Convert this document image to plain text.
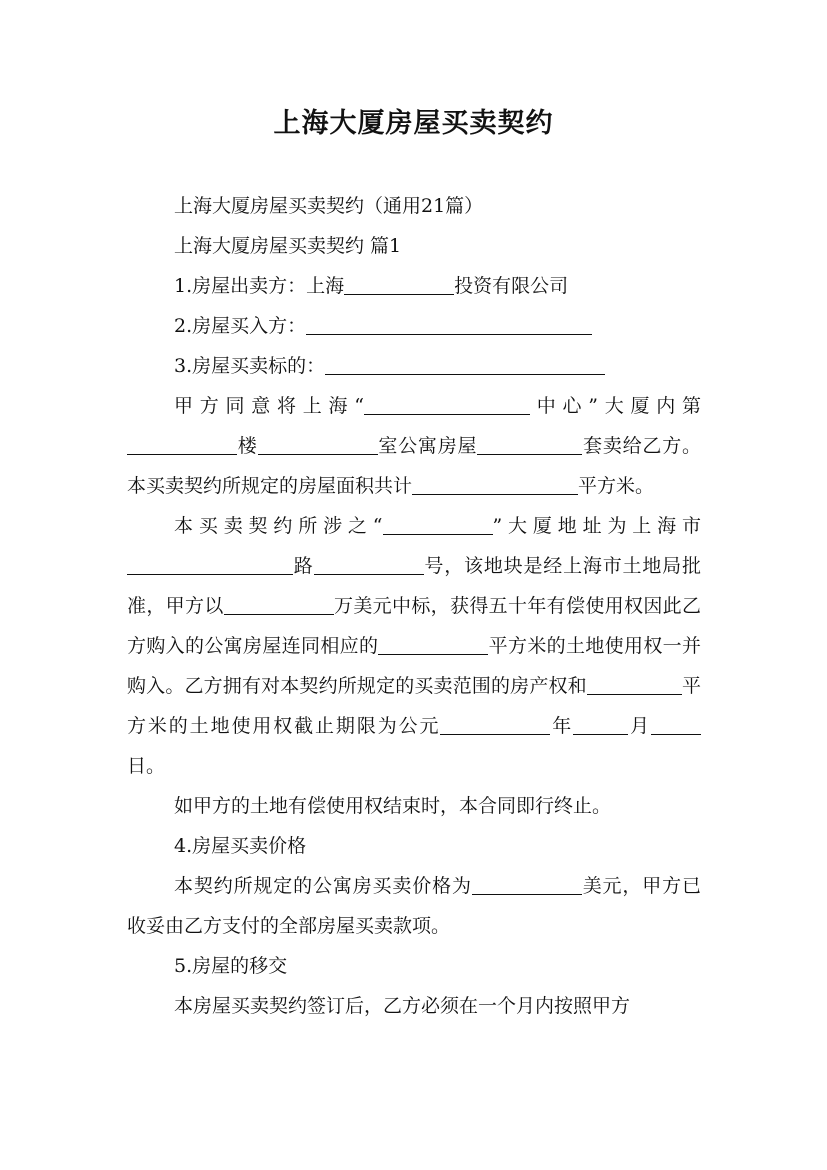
上海大厦房屋买卖契约

上海大厦房屋买卖契约（通用21篇）

上海大厦房屋买卖契约 篇1

1.房屋出卖方：上海	投资有限公司

2.房屋买入方：

3.房屋买卖标的：

甲方同意将上海“	中心”大厦内第楼	室公寓房屋	套卖给乙方。本买卖契约所规定的房屋面积共计	平方米。

本买卖契约所涉之“	”大厦地址为上海市路	号，该地块是经上海市土地局批准，甲方以	万美元中标，获得五十年有偿使用权因此乙方购入的公寓房屋连同相应的	平方米的土地使用权一并购入。乙方拥有对本契约所规定的买卖范围的房产权和	平方米的土地使用权截止期限为公元	年	月日。

如甲方的土地有偿使用权结束时，本合同即行终止。

4.房屋买卖价格

本契约所规定的公寓房买卖价格为	美元，甲方已收妥由乙方支付的全部房屋买卖款项。

5.房屋的移交

本房屋买卖契约签订后，乙方必须在一个月内按照甲方
